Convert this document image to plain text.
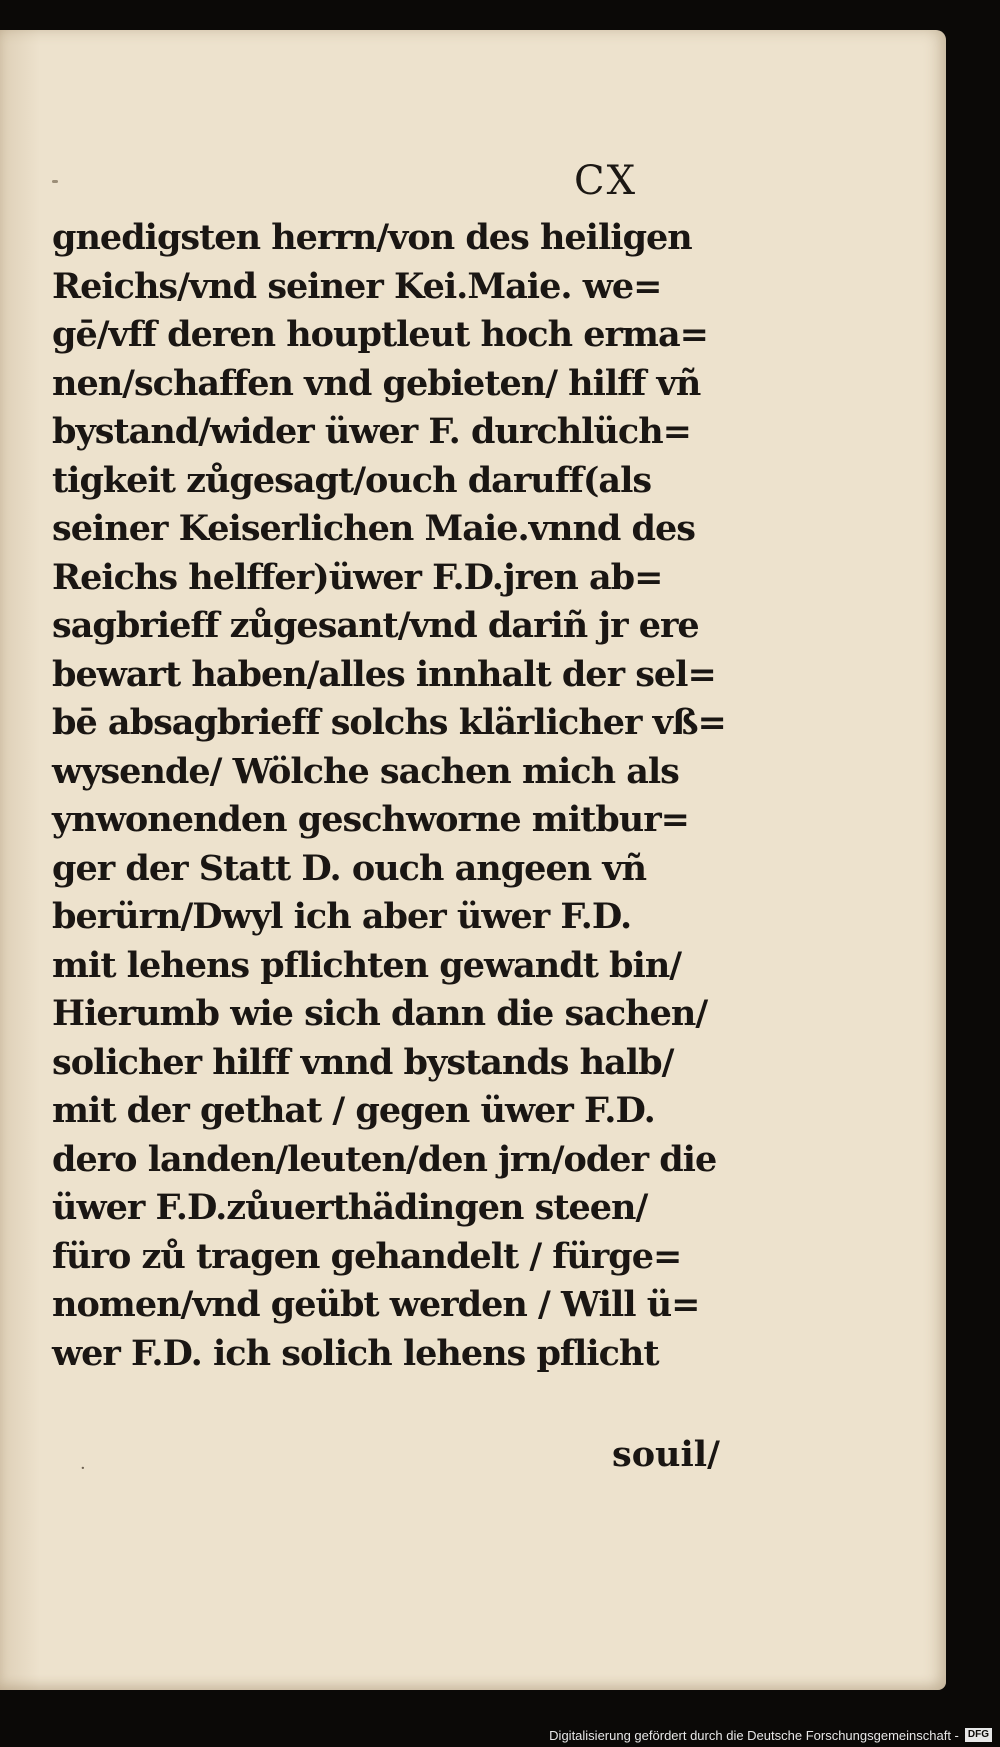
CX
gnedigsten herrn/von des heiligen
Reichs/vnd seiner Kei.Maie. we=
gē/vff deren houptleut hoch erma=
nen/schaffen vnd gebieten/ hilff vñ
bystand/wider üwer F. durchlüch=
tigkeit zůgesagt/ouch daruff(als
seiner Keiserlichen Maie.vnnd des
Reichs helffer)üwer F.D.jren ab=
sagbrieff zůgesant/vnd dariñ jr ere
bewart haben/alles innhalt der sel=
bē absagbrieff solchs klärlicher vß=
wysende/ Wölche sachen mich als
ynwonenden geschworne mitbur=
ger der Statt D. ouch angeen vñ
berürn/Dwyl ich aber üwer F.D.
mit lehens pflichten gewandt bin/
Hierumb wie sich dann die sachen/
solicher hilff vnnd bystands halb/
mit der gethat / gegen üwer F.D.
dero landen/leuten/den jrn/oder die
üwer F.D.zůuerthädingen steen/
füro zů tragen gehandelt / fürge=
nomen/vnd geübt werden / Will ü=
wer F.D. ich solich lehens pflicht
souil/
·
Digitalisierung gefördert durch die Deutsche Forschungsgemeinschaft - DFG
